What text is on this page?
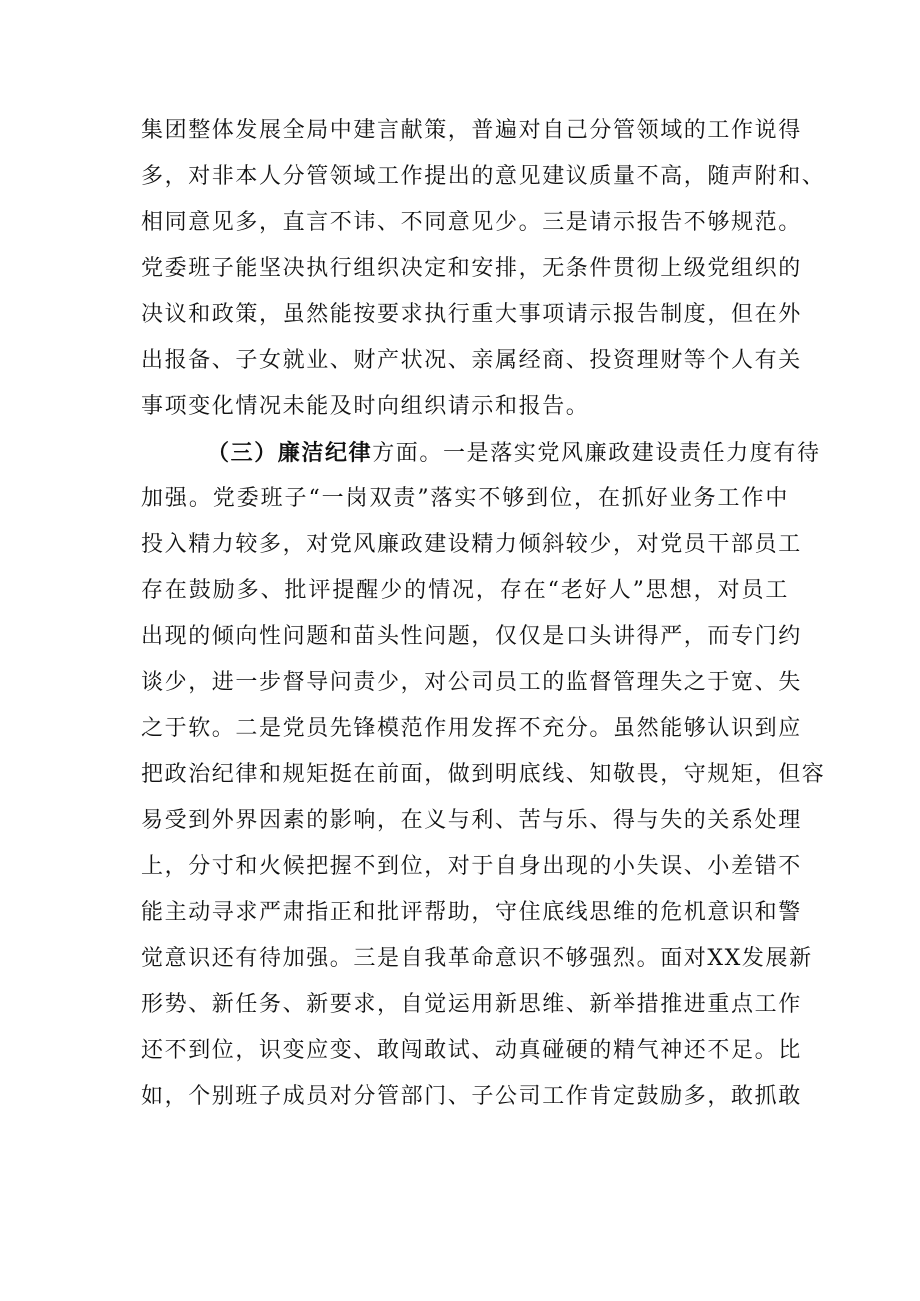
集团整体发展全局中建言献策，普遍对自己分管领域的工作说得
多，对非本人分管领域工作提出的意见建议质量不高，随声附和、
相同意见多，直言不讳、不同意见少。三是请示报告不够规范。
党委班子能坚决执行组织决定和安排，无条件贯彻上级党组织的
决议和政策，虽然能按要求执行重大事项请示报告制度，但在外
出报备、子女就业、财产状况、亲属经商、投资理财等个人有关
事项变化情况未能及时向组织请示和报告。
（三）廉洁纪律方面。一是落实党风廉政建设责任力度有待
加强。党委班子“一岗双责”落实不够到位，在抓好业务工作中
投入精力较多，对党风廉政建设精力倾斜较少，对党员干部员工
存在鼓励多、批评提醒少的情况，存在“老好人”思想，对员工
出现的倾向性问题和苗头性问题，仅仅是口头讲得严，而专门约
谈少，进一步督导问责少，对公司员工的监督管理失之于宽、失
之于软。二是党员先锋模范作用发挥不充分。虽然能够认识到应
把政治纪律和规矩挺在前面，做到明底线、知敬畏，守规矩，但容
易受到外界因素的影响，在义与利、苦与乐、得与失的关系处理
上，分寸和火候把握不到位，对于自身出现的小失误、小差错不
能主动寻求严肃指正和批评帮助，守住底线思维的危机意识和警
觉意识还有待加强。三是自我革命意识不够强烈。面对XX发展新
形势、新任务、新要求，自觉运用新思维、新举措推进重点工作
还不到位，识变应变、敢闯敢试、动真碰硬的精气神还不足。比
如，个别班子成员对分管部门、子公司工作肯定鼓励多，敢抓敢
